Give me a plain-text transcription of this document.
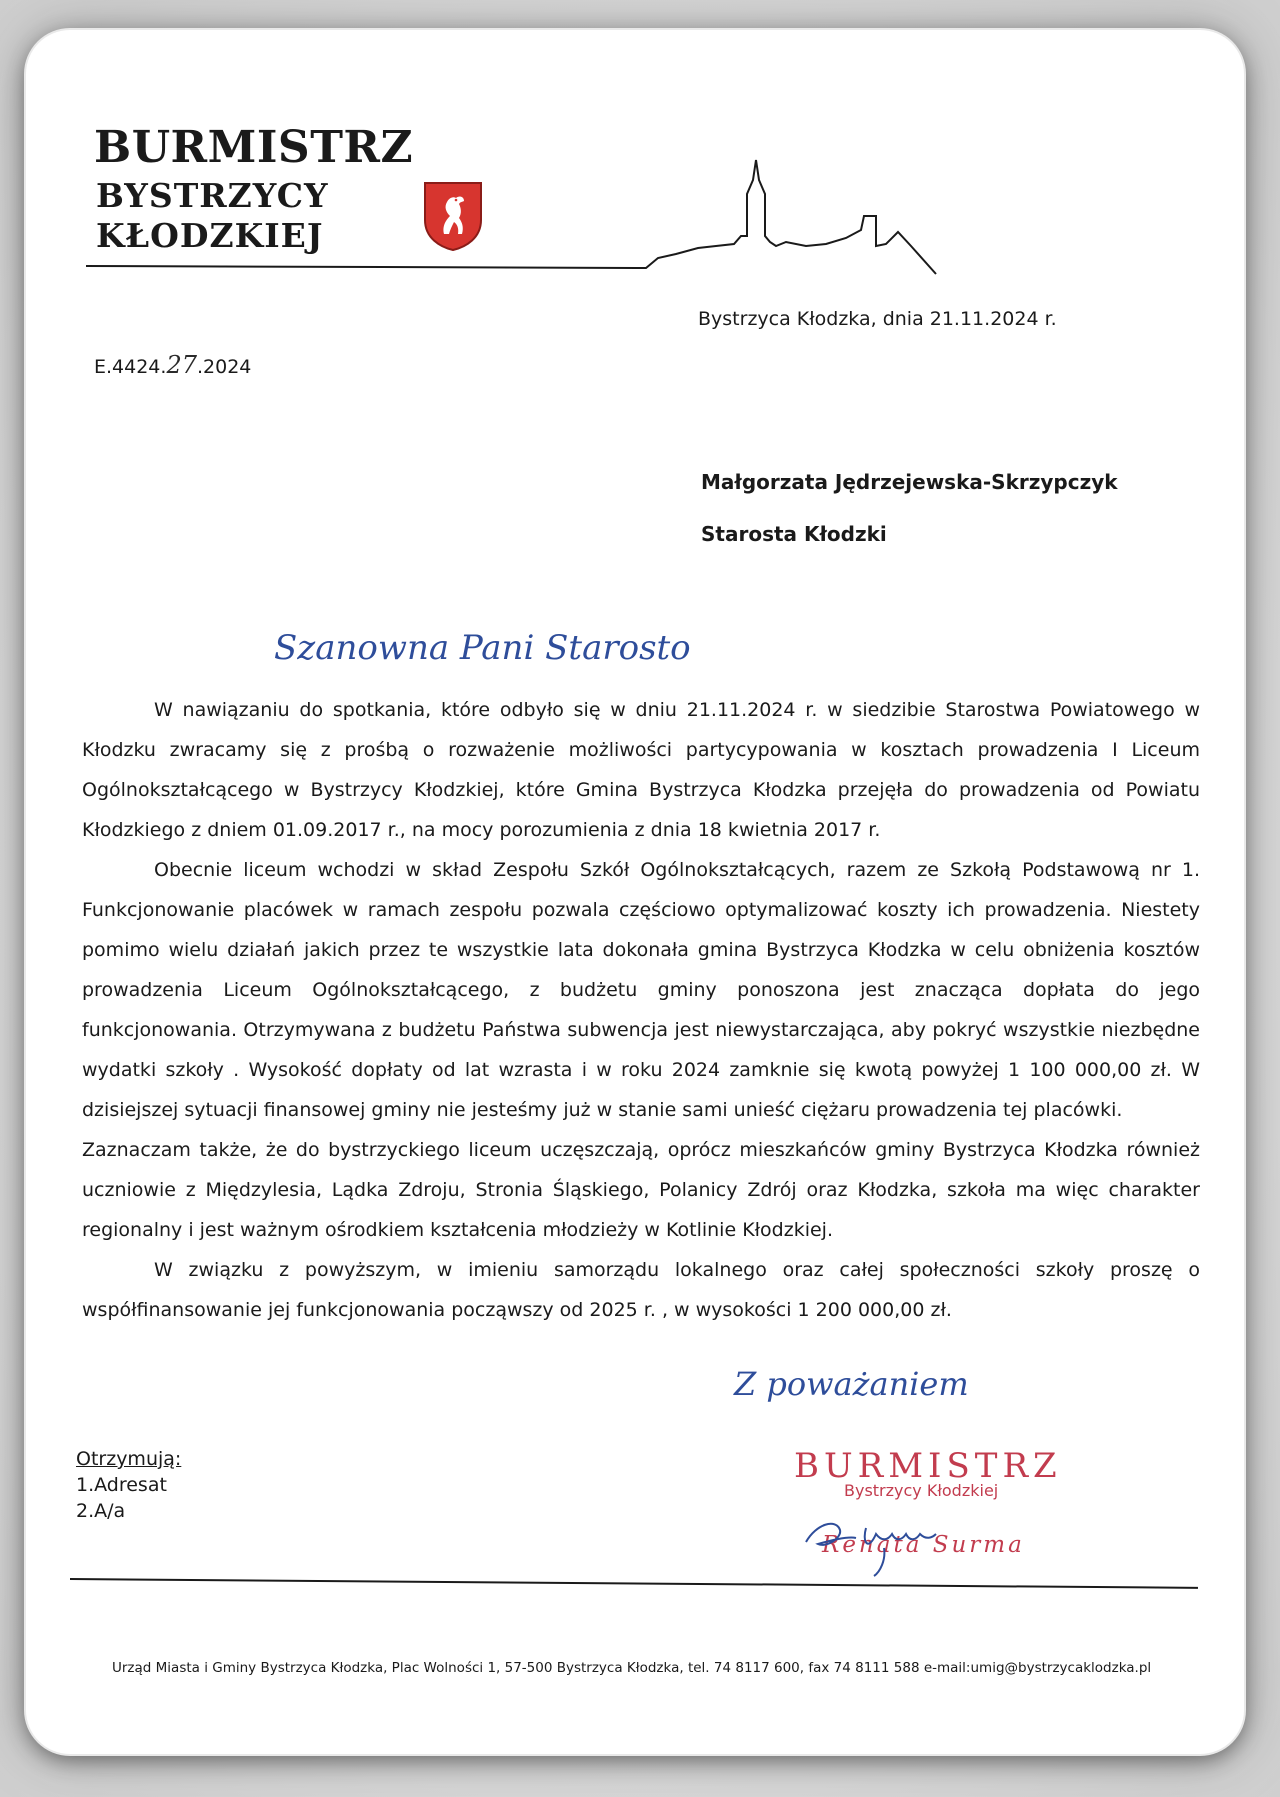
BURMISTRZ
BYSTRZYCY
KŁODZKIEJ
Bystrzyca Kłodzka, dnia 21.11.2024 r.
E.4424.27.2024
Małgorzata Jędrzejewska-Skrzypczyk
Starosta Kłodzki
Szanowna Pani Starosto

W nawiązaniu do spotkania, które odbyło się w dniu 21.11.2024 r. w siedzibie Starostwa Powiatowego w Kłodzku zwracamy się z prośbą o rozważenie możliwości partycypowania w kosztach prowadzenia I Liceum Ogólnokształcącego w Bystrzycy Kłodzkiej, które Gmina Bystrzyca Kłodzka przejęła do prowadzenia od Powiatu Kłodzkiego z dniem 01.09.2017 r., na mocy porozumienia z dnia 18 kwietnia 2017 r.

Obecnie liceum wchodzi w skład Zespołu Szkół Ogólnokształcących, razem ze Szkołą Podstawową nr 1. Funkcjonowanie placówek w ramach zespołu pozwala częściowo optymalizować koszty ich prowadzenia. Niestety pomimo wielu działań jakich przez te wszystkie lata dokonała gmina Bystrzyca Kłodzka w celu obniżenia kosztów prowadzenia Liceum Ogólnokształcącego, z budżetu gminy ponoszona jest znacząca dopłata do jego funkcjonowania. Otrzymywana z budżetu Państwa subwencja jest niewystarczająca, aby pokryć wszystkie niezbędne wydatki szkoły . Wysokość dopłaty od lat wzrasta i w roku 2024 zamknie się kwotą powyżej 1 100 000,00 zł. W dzisiejszej sytuacji finansowej gminy nie jesteśmy już w stanie sami unieść ciężaru prowadzenia tej placówki.

Zaznaczam także, że do bystrzyckiego liceum uczęszczają, oprócz mieszkańców gminy Bystrzyca Kłodzka również uczniowie z Międzylesia, Lądka Zdroju, Stronia Śląskiego, Polanicy Zdrój oraz Kłodzka, szkoła ma więc charakter regionalny i jest ważnym ośrodkiem kształcenia młodzieży w Kotlinie Kłodzkiej.

W związku z powyższym, w imieniu samorządu lokalnego oraz całej społeczności szkoły proszę o współfinansowanie jej funkcjonowania począwszy od 2025 r. , w wysokości 1 200 000,00 zł.

Z poważaniem
BURMISTRZ
Bystrzycy Kłodzkiej
Renata Surma
Otrzymują:
1.Adresat
2.A/a
Urząd Miasta i Gminy Bystrzyca Kłodzka, Plac Wolności 1, 57-500 Bystrzyca Kłodzka, tel. 74 8117 600, fax 74 8111 588 e-mail:umig@bystrzycaklodzka.pl
